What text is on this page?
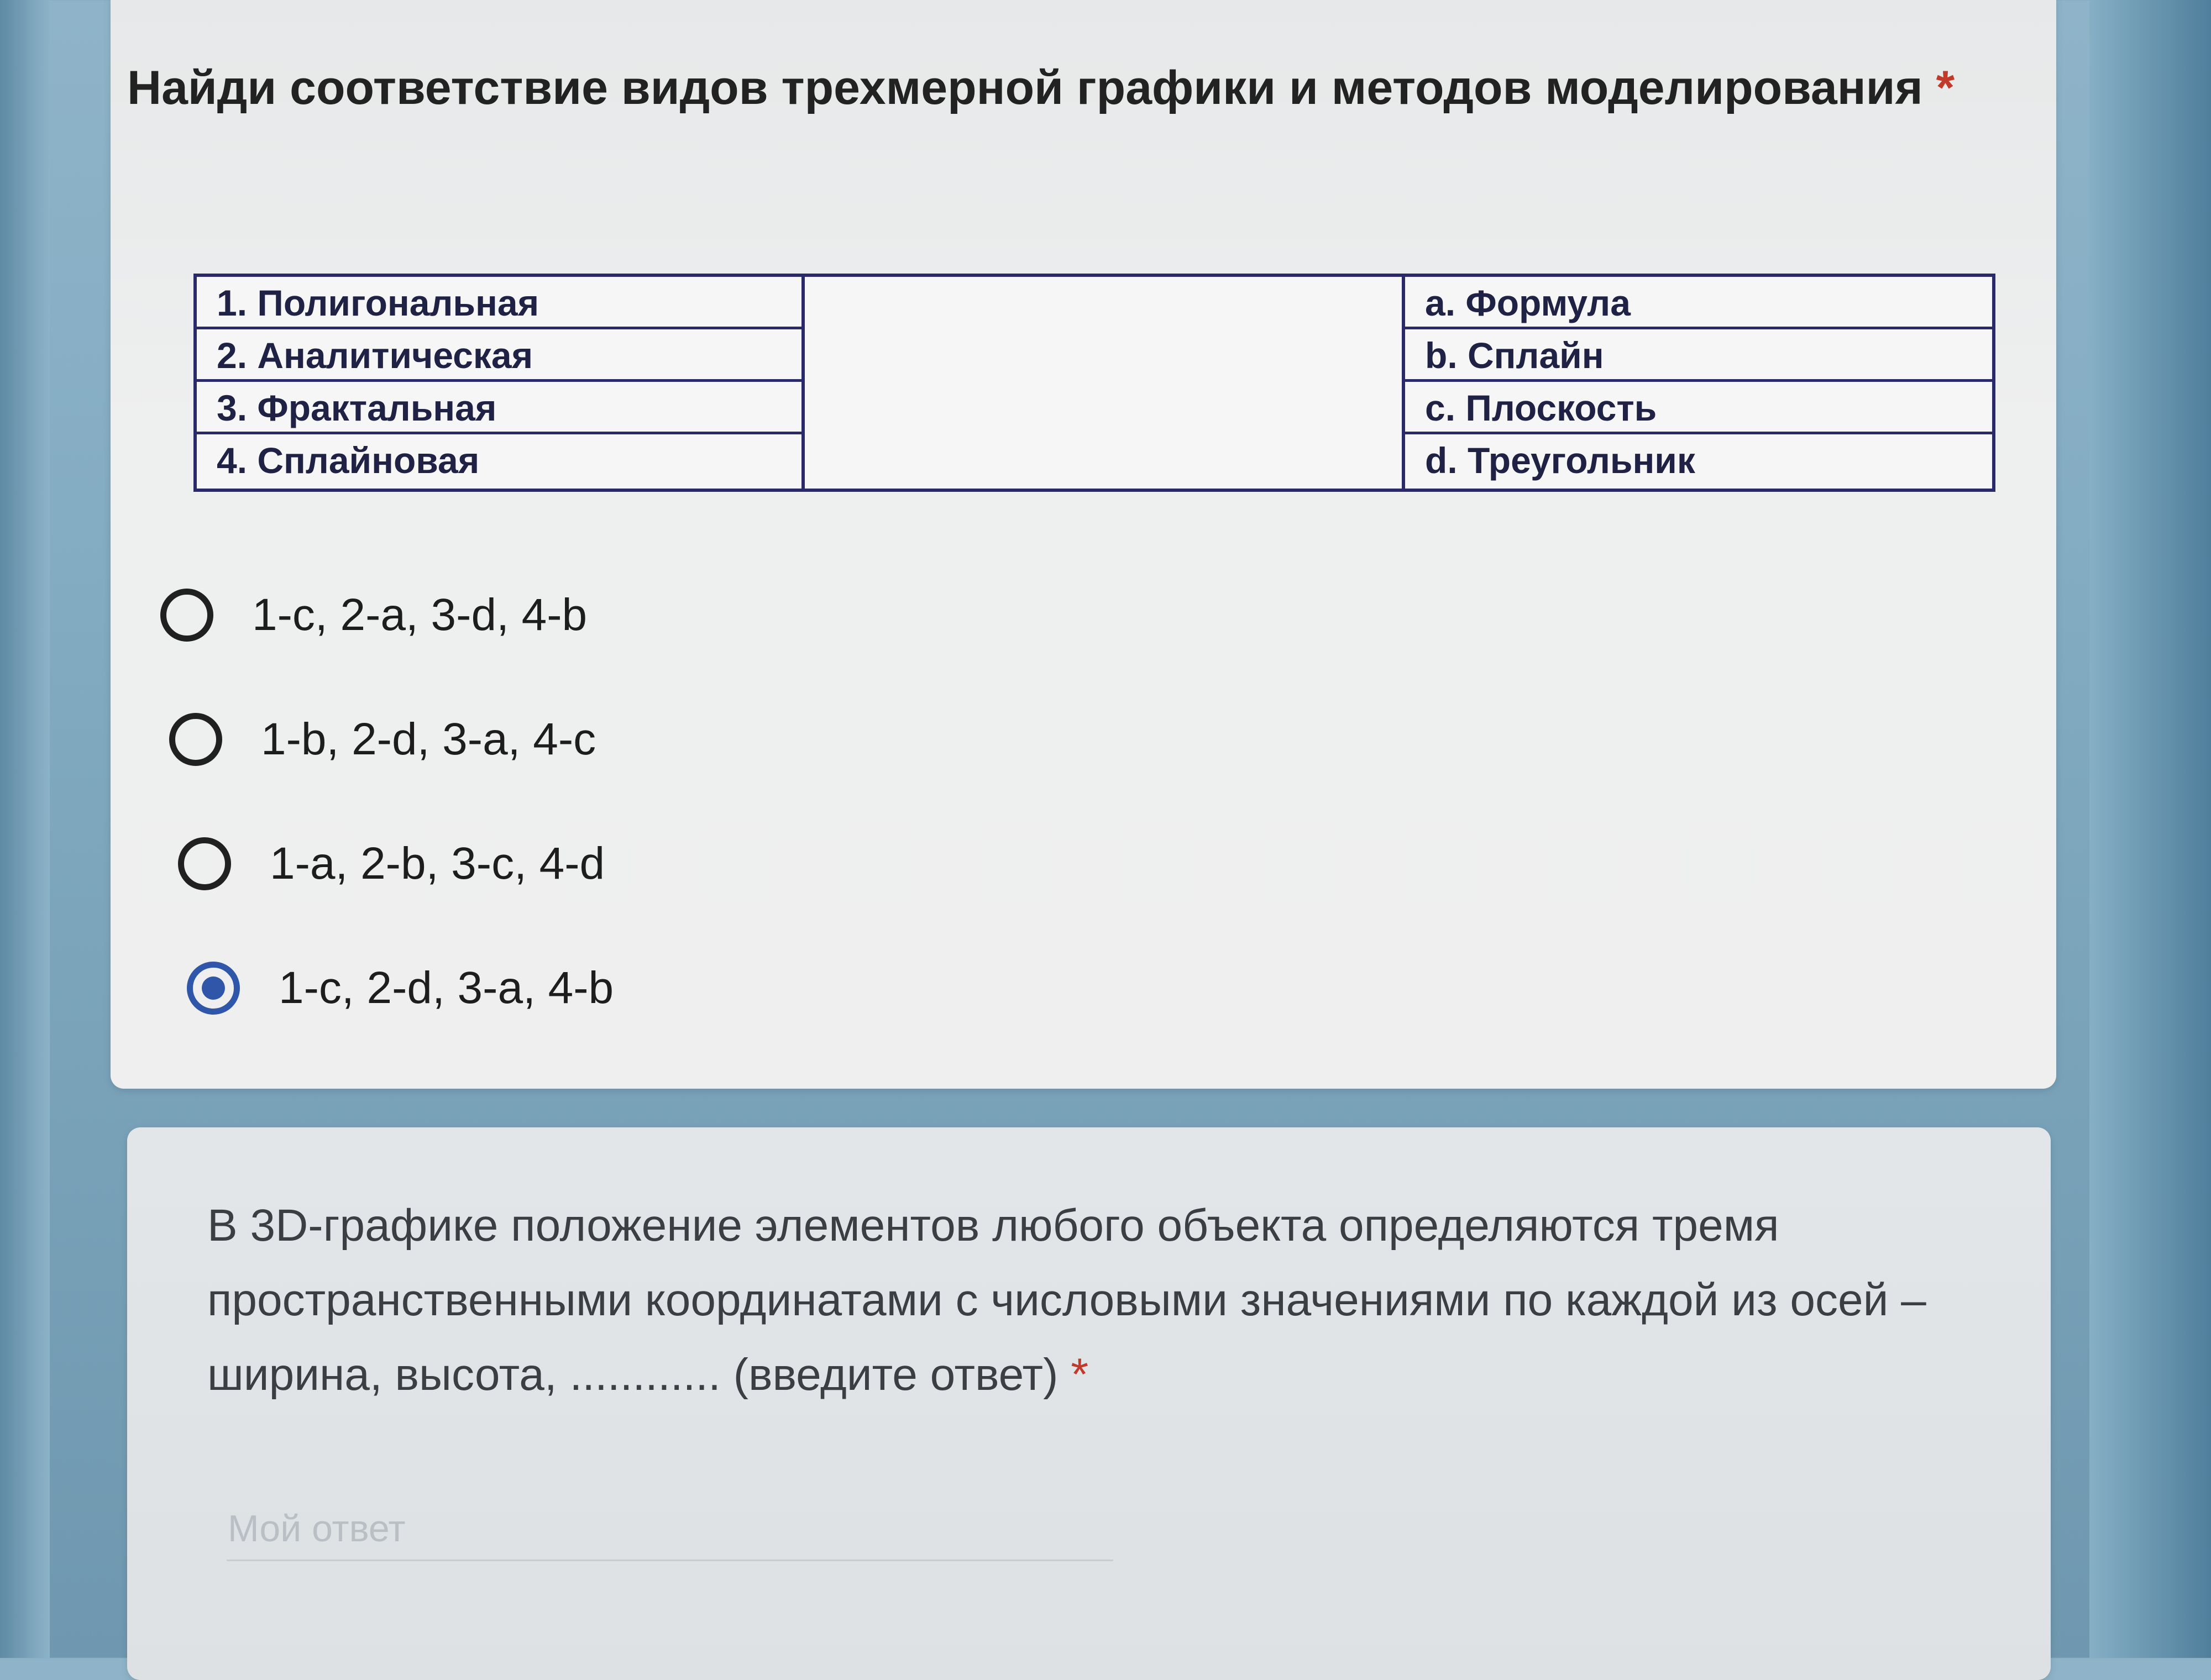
Найди соответствие видов трехмерной графики и методов моделирования *
1. Полигональная
2. Аналитическая
3. Фрактальная
4. Сплайновая
a. Формула
b. Сплайн
c. Плоскость
d. Треугольник
1-c, 2-a, 3-d, 4-b
1-b, 2-d, 3-a, 4-c
1-a, 2-b, 3-c, 4-d
1-c, 2-d, 3-a, 4-b
В 3D-графике положение элементов любого объекта определяются тремя пространственными координатами с числовыми значениями по каждой из осей – ширина, высота, ............ (введите ответ) *
Мой ответ
